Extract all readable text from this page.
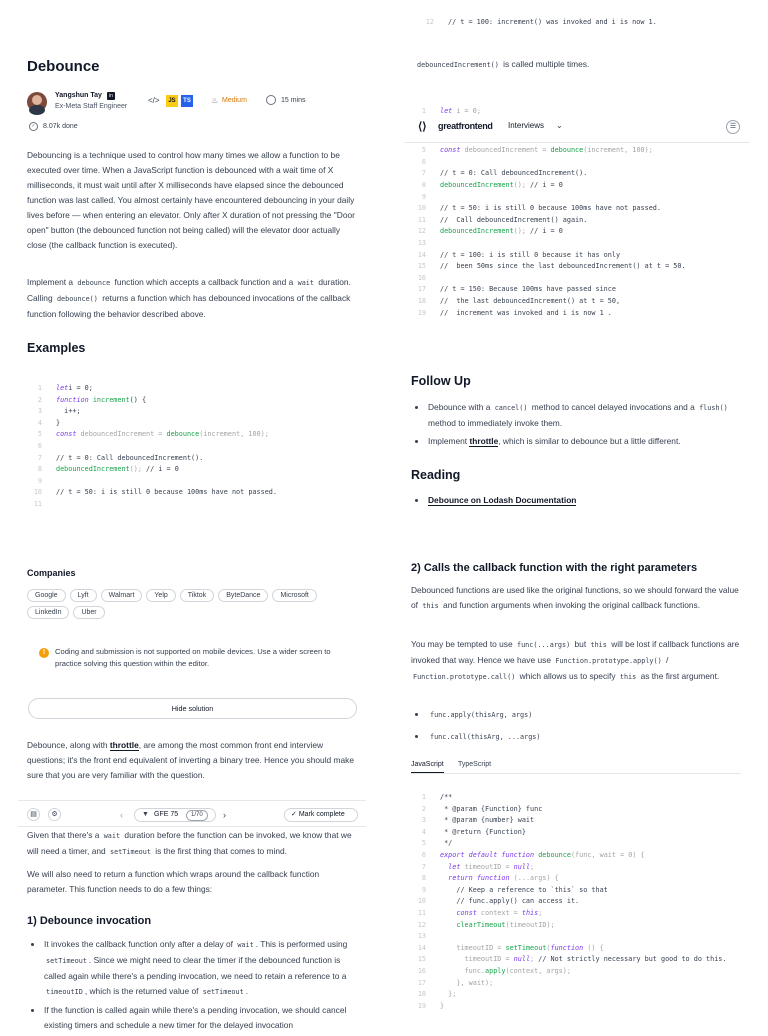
Debounce
Yangshun Tay	in
Ex-Meta Staff Engineer
</>	JS	TS	♨ Medium	15 mins
✓	8.07k done

Debouncing is a technique used to control how many times we allow a function to be executed over time. When a JavaScript function is debounced with a wait time of X milliseconds, it must wait until after X milliseconds have elapsed since the debounced function was last called. You almost certainly have encountered debouncing in your daily lives before — when entering an elevator. Only after X duration of not pressing the "Door open" button (the debounced function not being called) will the elevator door actually close (the callback function is executed).

Implement a debounce function which accepts a callback function and a wait duration. Calling debounce() returns a function which has debounced invocations of the callback function following the behavior described above.

Examples
1 leti = 0;
2 function increment() {
3  i++;
4 }
5 const debouncedIncrement = debounce(increment, 100);
6
7 // t = 0: Call debouncedIncrement().
8 debouncedIncrement(); // i = 0
9
10 // t = 50: i is still 0 because 100ms have not passed.
11
Companies
Google	Lyft	Walmart	Yelp	Tiktok	ByteDance	MicrosoftLinkedIn	Uber
!	Coding and submission is not supported on mobile devices. Use a wider screen to practice solving this question within the editor.
Hide solution

Debounce, along with throttle, are among the most common front end interview questions; it's the front end equivalent of inverting a binary tree. Hence you should make sure that you are very familiar with the question.

▤	⚙	‹	▼ GFE 75	1/70	›	✓ Mark complete

Given that there's a wait duration before the function can be invoked, we know that we will need a timer, and setTimeout is the first thing that comes to mind.

We will also need to return a function which wraps around the callback function parameter. This function needs to do a few things:

1) Debounce invocation
It invokes the callback function only after a delay of wait . This is performed using setTimeout . Since we might need to clear the timer if the debounced function is called again while there's a pending invocation, we need to retain a reference to a timeoutID , which is the returned value of setTimeout .
If the function is called again while there's a pending invocation, we should cancel existing timers and schedule a new timer for the delayed invocation
12 // t = 100: increment() was invoked and i is now 1.

debouncedIncrement() is called multiple times.

1 let i = 0;
5 const debouncedIncrement = debounce(increment, 100);
6
7 // t = 0: Call debouncedIncrement().
8 debouncedIncrement(); // i = 0
9
10 // t = 50: i is still 0 because 100ms have not passed.
11 //  Call debouncedIncrement() again.
12 debouncedIncrement(); // i = 0
13
14 // t = 100: i is still 0 because it has only
15 //  been 50ms since the last debouncedIncrement() at t = 50.
16
17 // t = 150: Because 100ms have passed since
18 //  the last debouncedIncrement() at t = 50,
19 //  increment was invoked and i is now 1 .
⟨⟩ greatfrontend Interviews ⌄	☰
Follow Up
Debounce with a cancel() method to cancel delayed invocations and a flush() method to immediately invoke them.
Implement throttle, which is similar to debounce but a little different.
Reading
Debounce on Lodash Documentation
2) Calls the callback function with the right parameters

Debounced functions are used like the original functions, so we should forward the value of this and function arguments when invoking the original callback functions.

You may be tempted to use func(...args) but this will be lost if callback functions are invoked that way. Hence we have use Function.prototype.apply() / Function.prototype.call() which allows us to specify this as the first argument.

func.apply(thisArg, args)
func.call(thisArg, ...args)
JavaScript TypeScript
1 /**
2 * @param {Function} func
3 * @param {number} wait
4 * @return {Function}
5 */
6 export default function debounce(func, wait = 0) {
7  let timeoutID = null;
8  return function (...args) {
9    // Keep a reference to `this` so that
10    // func.apply() can access it.
11    const context = this;
12    clearTimeout(timeoutID);
13
14    timeoutID = setTimeout(function () {
15      timeoutID = null; // Not strictly necessary but good to do this.
16      func.apply(context, args);
17    }, wait);
18  };
19 }
